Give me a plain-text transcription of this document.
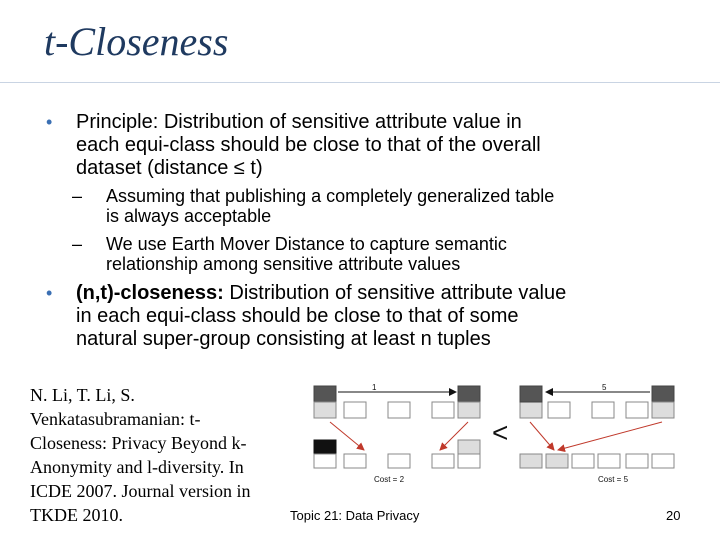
t-Closeness
• Principle: Distribution of sensitive attribute value in
each equi-class should be close to that of the overall
dataset (distance ≤ t)
– Assuming that publishing a completely generalized table
is always acceptable
– We use Earth Mover Distance to capture semantic
relationship among sensitive attribute values
• (n,t)-closeness: Distribution of sensitive attribute value
in each equi-class should be close to that of some
natural super-group consisting at least n tuples
N. Li, T. Li, S.
Venkatasubramanian: t-
Closeness: Privacy Beyond k-
Anonymity and l-diversity. In
ICDE 2007. Journal version in
TKDE 2010.
1
Cost = 2
<
5
Cost = 5
Topic 21: Data Privacy	20
